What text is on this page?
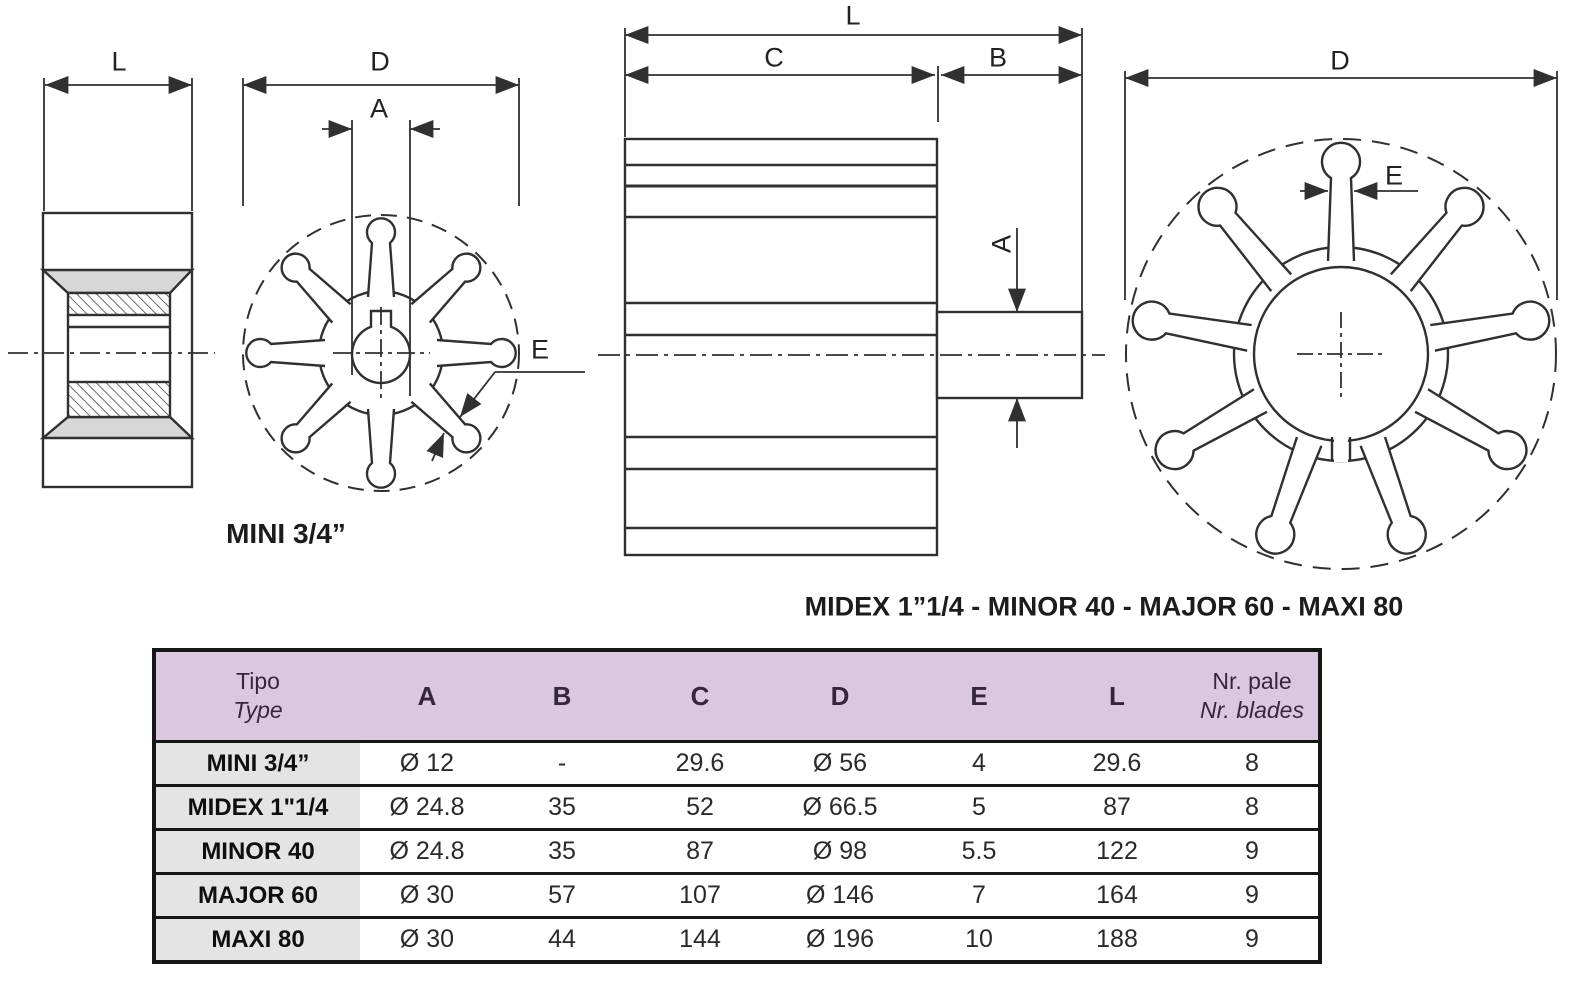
L	D
A
E
L
C	B
A
D
E
MINI 3/4”
MIDEX 1”1/4 - MINOR 40 - MAJOR 60 - MAXI 80
Tipo
Type	A	B	C	D	E	L	Nr. pale
Nr. blades

MINI 3/4”	Ø 12	-	29.6	Ø 56	4	29.6	8
MIDEX 1"1/4	Ø 24.8	35	52	Ø 66.5	5	87	8
MINOR 40	Ø 24.8	35	87	Ø 98	5.5	122	9
MAJOR 60	Ø 30	57	107	Ø 146	7	164	9
MAXI 80	Ø 30	44	144	Ø 196	10	188	9
